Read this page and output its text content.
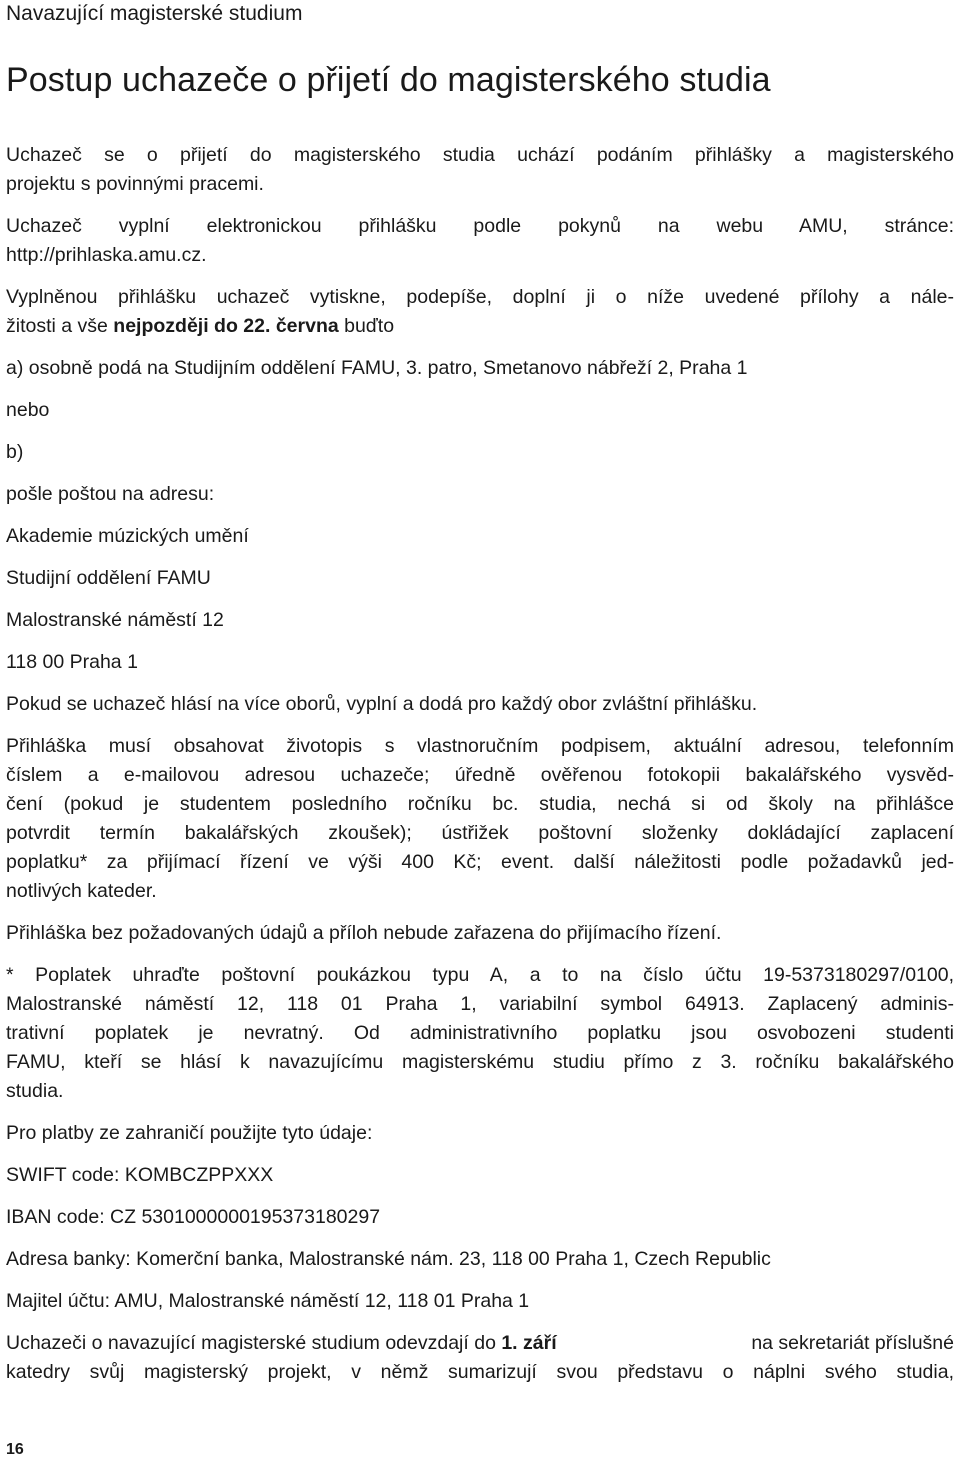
Navazující magisterské studium
Postup uchazeče o přijetí do magisterského studia

Uchazeč se o přijetí do magisterského studia uchází podáním přihlášky a magisterského
projektu s povinnými pracemi.

Uchazeč vyplní elektronickou přihlášku podle pokynů na webu AMU, stránce:
http://prihlaska.amu.cz.

Vyplněnou přihlášku uchazeč vytiskne, podepíše, doplní ji o níže uvedené přílohy a nále-
žitosti a vše nejpozději do 22. června buďto

a) osobně podá na Studijním oddělení FAMU, 3. patro, Smetanovo nábřeží 2, Praha 1

nebo

b)

pošle poštou na adresu:

Akademie múzických umění

Studijní oddělení FAMU

Malostranské náměstí 12

118 00 Praha 1

Pokud se uchazeč hlásí na více oborů, vyplní a dodá pro každý obor zvláštní přihlášku.

Přihláška musí obsahovat životopis s vlastnoručním podpisem, aktuální adresou, telefonním
číslem a e-mailovou adresou uchazeče; úředně ověřenou fotokopii bakalářského vysvěd-
čení (pokud je studentem posledního ročníku bc. studia, nechá si od školy na přihlášce
potvrdit termín bakalářských zkoušek); ústřižek poštovní složenky dokládající zaplacení
poplatku* za přijímací řízení ve výši 400 Kč; event. další náležitosti podle požadavků jed-
notlivých kateder.

Přihláška bez požadovaných údajů a příloh nebude zařazena do přijímacího řízení.

* Poplatek uhraďte poštovní poukázkou typu A, a to na číslo účtu 19-5373180297/0100,
Malostranské náměstí 12, 118 01 Praha 1, variabilní symbol 64913. Zaplacený adminis-
trativní poplatek je nevratný. Od administrativního poplatku jsou osvobozeni studenti
FAMU, kteří se hlásí k navazujícímu magisterskému studiu přímo z 3. ročníku bakalářského
studia.

Pro platby ze zahraničí použijte tyto údaje:

SWIFT code: KOMBCZPPXXX

IBAN code: CZ 5301000000195373180297

Adresa banky: Komerční banka, Malostranské nám. 23, 118 00 Praha 1, Czech Republic

Majitel účtu: AMU, Malostranské náměstí 12, 118 01 Praha 1

Uchazeči o navazující magisterské studium odevzdají do 1. září	na sekretariát příslušné
katedry svůj magisterský projekt, v němž sumarizují svou představu o náplni svého studia,

16
